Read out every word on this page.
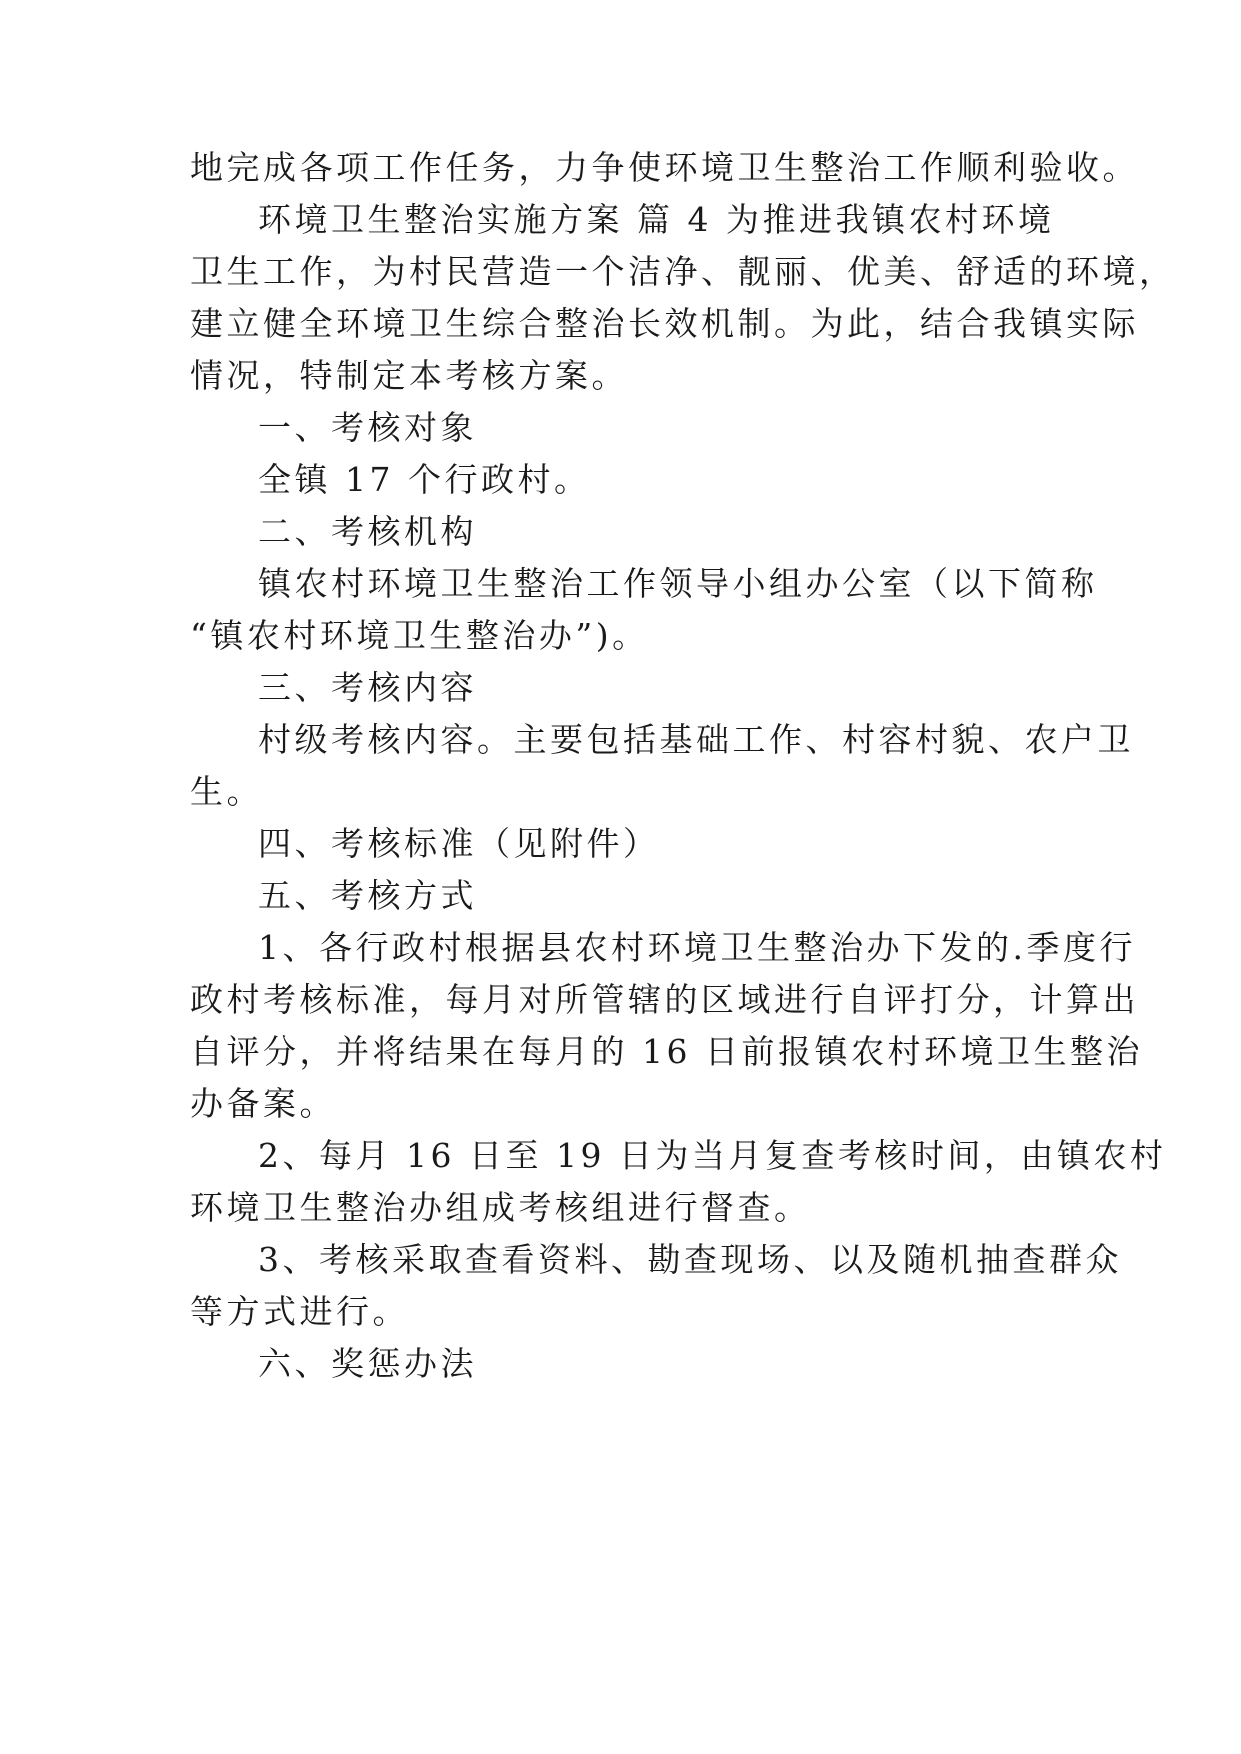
地完成各项工作任务，力争使环境卫生整治工作顺利验收。
环境卫生整治实施方案 篇 4 为推进我镇农村环境
卫生工作，为村民营造一个洁净、靓丽、优美、舒适的环境，
建立健全环境卫生综合整治长效机制。为此，结合我镇实际
情况，特制定本考核方案。
一、考核对象
全镇 17 个行政村。
二、考核机构
镇农村环境卫生整治工作领导小组办公室（以下简称
“镇农村环境卫生整治办”)。
三、考核内容
村级考核内容。主要包括基础工作、村容村貌、农户卫
生。
四、考核标准（见附件）
五、考核方式
1、各行政村根据县农村环境卫生整治办下发的.季度行
政村考核标准，每月对所管辖的区域进行自评打分，计算出
自评分，并将结果在每月的 16 日前报镇农村环境卫生整治
办备案。
2、每月 16 日至 19 日为当月复查考核时间，由镇农村
环境卫生整治办组成考核组进行督查。
3、考核采取查看资料、勘查现场、以及随机抽查群众
等方式进行。
六、奖惩办法
